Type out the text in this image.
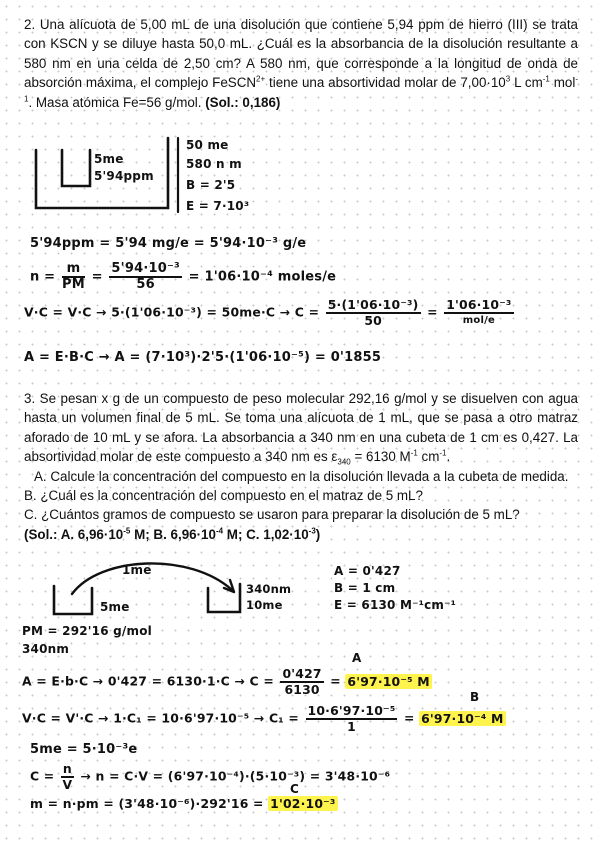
2. Una alícuota de 5,00 mL de una disolución que contiene 5,94 ppm de hierro (III) se trata con KSCN y se diluye hasta 50,0 mL. ¿Cuál es la absorbancia de la disolución resultante a 580 nm en una celda de 2,50 cm? A 580 nm, que corresponde a la longitud de onda de absorción máxima, el complejo FeSCN$^{2+}$ tiene una absortividad molar de $7,00\cdot 10^3$ L $cm^{-1}$ mol$^{-1}$. Masa atómica Fe=56 g/mol. (Sol.: 0,186)

5me
5'94ppm
50 me
580 n m
B = 2'5
E = 7·10³
5'94ppm = 5'94 mg/e = 5'94·10⁻³ g/e
$n = \frac{m}{PM} = \frac{\text{5'94·10⁻³}}{56} = 1'06\cdot 10^{-4}$ moles/e
$V\cdot C = V\cdot C \to 5\cdot(1'06\cdot 10^{-3}) = 50me\cdot C \to C = \frac{\text{5·(1'06·10⁻³)}}{50} = \frac{\text{1'06·10⁻³}}{\text{mol/e}}$
A = E·B·C → A = (7·10³)·2'5·(1'06·10⁻⁵) = 0'1855

3. Se pesan x g de un compuesto de peso molecular 292,16 g/mol y se disuelven con agua hasta un volumen final de 5 mL. Se toma una alícuota de 1 mL, que se pasa a otro matraz aforado de 10 mL y se afora. La absorbancia a 340 nm en una cubeta de 1 cm es 0,427. La absortividad molar de este compuesto a 340 nm es $\varepsilon_{340} = 6130$ $M^{-1}$ $cm^{-1}$.

A. Calcule la concentración del compuesto en la disolución llevada a la cubeta de medida.

B. ¿Cuál es la concentración del compuesto en el matraz de 5 mL?

C. ¿Cuántos gramos de compuesto se usaron para preparar la disolución de 5 mL?

(Sol.: A. $6,96\cdot 10^{-5}$ M; B. $6,96\cdot 10^{-4}$ M; C. $1,02\cdot 10^{-3}$)

1me
5me
340nm
10me
A = 0'427
B = 1 cm
E = 6130 M⁻¹cm⁻¹
PM = 292'16 g/mol
340nm
A
$A = E\cdot b\cdot C \to 0'427 = 6130\cdot 1\cdot C \to C = \frac{0'427}{6130} = 6'97\cdot 10^{-5}$ M
B
$V\cdot C = V'\cdot C \to 1\cdot C_1 = 10\cdot 6'97\cdot 10^{-5} \to C_1 = \frac{\text{10·6'97·10⁻⁵}}{1} = 6'97\cdot 10^{-4}$ M
5me = 5·10⁻³e
$C = \frac{n}{V} \to n = C\cdot V = (6'97\cdot 10^{-4})\cdot(5\cdot 10^{-3}) = 3'48\cdot 10^{-6}$
C
m = n·pm = (3'48·10⁻⁶)·292'16 = 1'02·10⁻³
